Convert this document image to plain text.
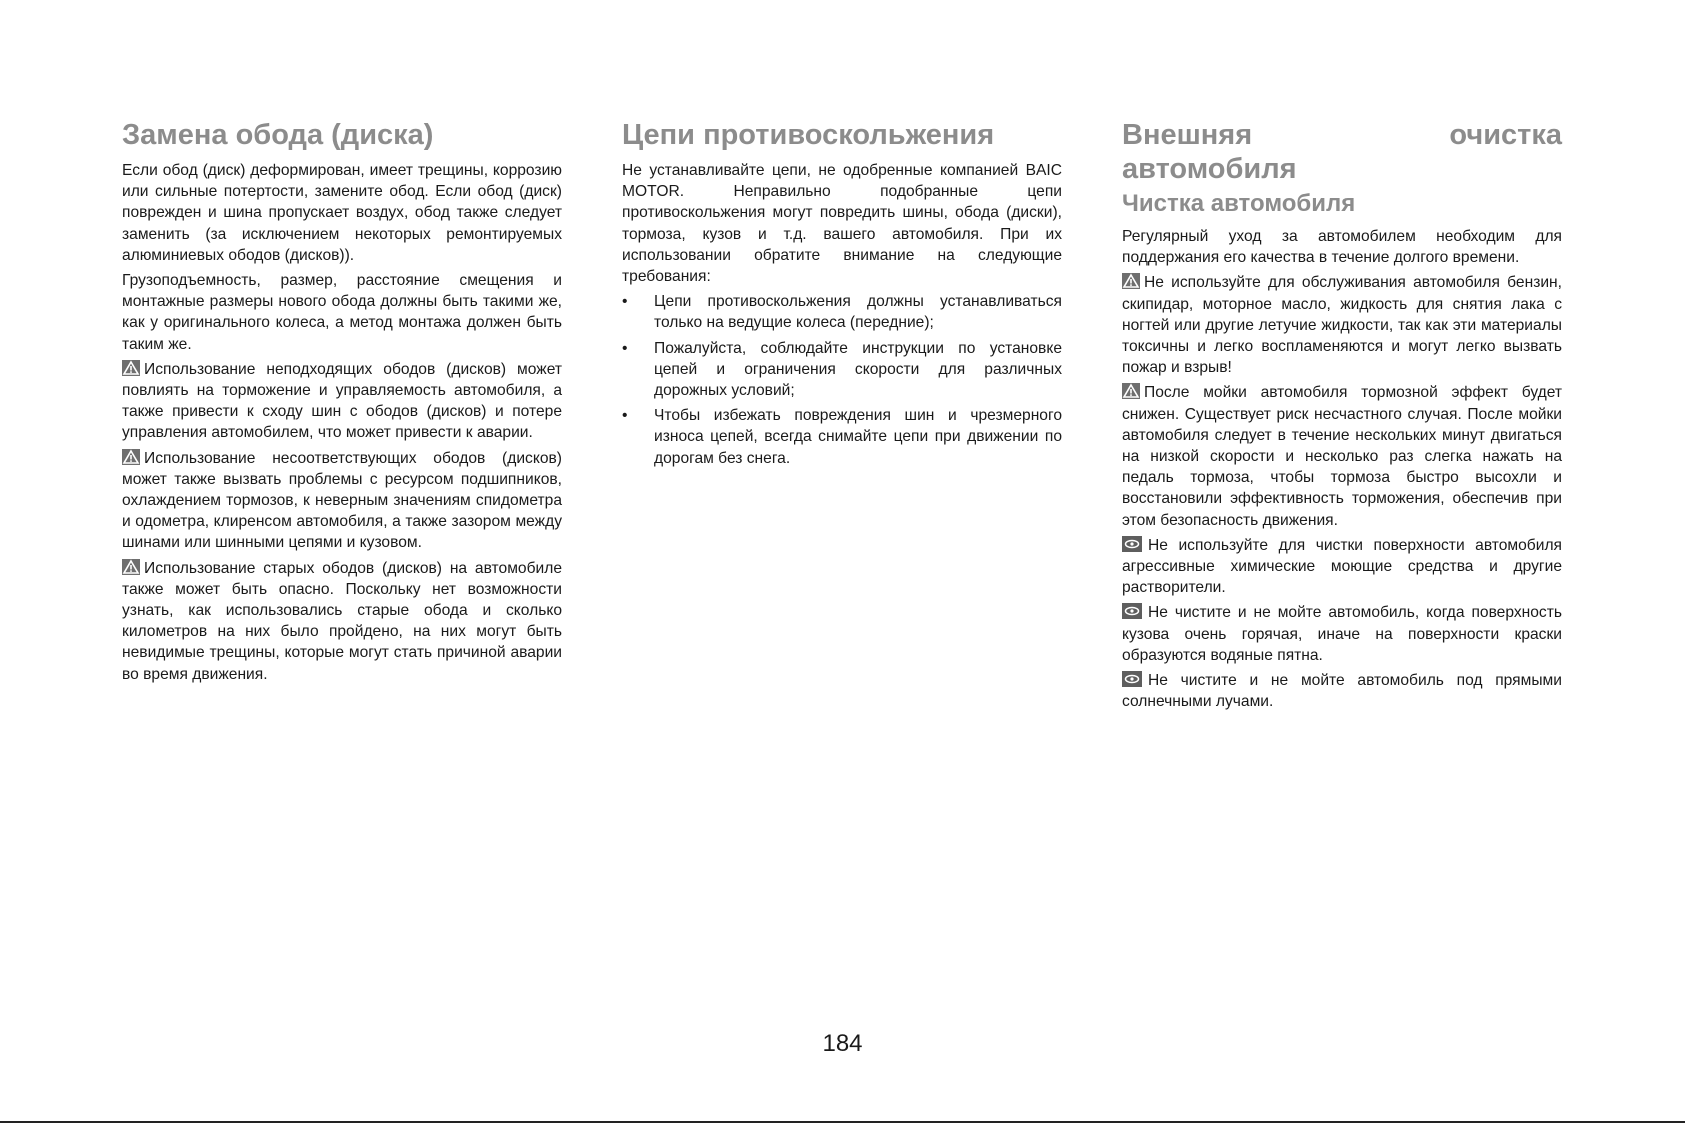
Замена обода (диска)

Если обод (диск) деформирован, имеет трещины, коррозию или сильные потертости, замените обод. Если обод (диск) поврежден и шина пропускает воздух, обод также следует заменить (за исключением некоторых ремонтируемых алюминиевых ободов (дисков)).

Грузоподъемность, размер, расстояние смещения и монтажные размеры нового обода должны быть такими же, как у оригинального колеса, а метод монтажа должен быть таким же.

Использование неподходящих ободов (дисков) может повлиять на торможение и управляемость автомобиля, а также привести к сходу шин с ободов (дисков) и потере управления автомобилем, что может привести к аварии.

Использование несоответствующих ободов (дисков) может также вызвать проблемы с ресурсом подшипников, охлаждением тормозов, к неверным значениям спидометра и одометра, клиренсом автомобиля, а также зазором между шинами или шинными цепями и кузовом.

Использование старых ободов (дисков) на автомобиле также может быть опасно. Поскольку нет возможности узнать, как использовались старые обода и сколько километров на них было пройдено, на них могут быть невидимые трещины, которые могут стать причиной аварии во время движения.

Цепи противоскольжения

Не устанавливайте цепи, не одобренные компанией BAIC MOTOR. Неправильно подобранные цепи противоскольжения могут повредить шины, обода (диски), тормоза, кузов и т.д. вашего автомобиля. При их использовании обратите внимание на следующие требования:

• Цепи противоскольжения должны устанавливаться только на ведущие колеса (передние);
• Пожалуйста, соблюдайте инструкции по установке цепей и ограничения скорости для различных дорожных условий;
• Чтобы избежать повреждения шин и чрезмерного износа цепей, всегда снимайте цепи при движении по дорогам без снега.
Внешняя очистка
автомобиля
Чистка автомобиля

Регулярный уход за автомобилем необходим для поддержания его качества в течение долгого времени.

Не используйте для обслуживания автомобиля бензин, скипидар, моторное масло, жидкость для снятия лака с ногтей или другие летучие жидкости, так как эти материалы токсичны и легко воспламеняются и могут легко вызвать пожар и взрыв!

После мойки автомобиля тормозной эффект будет снижен. Существует риск несчастного случая. После мойки автомобиля следует в течение нескольких минут двигаться на низкой скорости и несколько раз слегка нажать на педаль тормоза, чтобы тормоза быстро высохли и восстановили эффективность торможения, обеспечив при этом безопасность движения.

Не используйте для чистки поверхности автомобиля агрессивные химические моющие средства и другие растворители.

Не чистите и не мойте автомобиль, когда поверхность кузова очень горячая, иначе на поверхности краски образуются водяные пятна.

Не чистите и не мойте автомобиль под прямыми солнечными лучами.

184
